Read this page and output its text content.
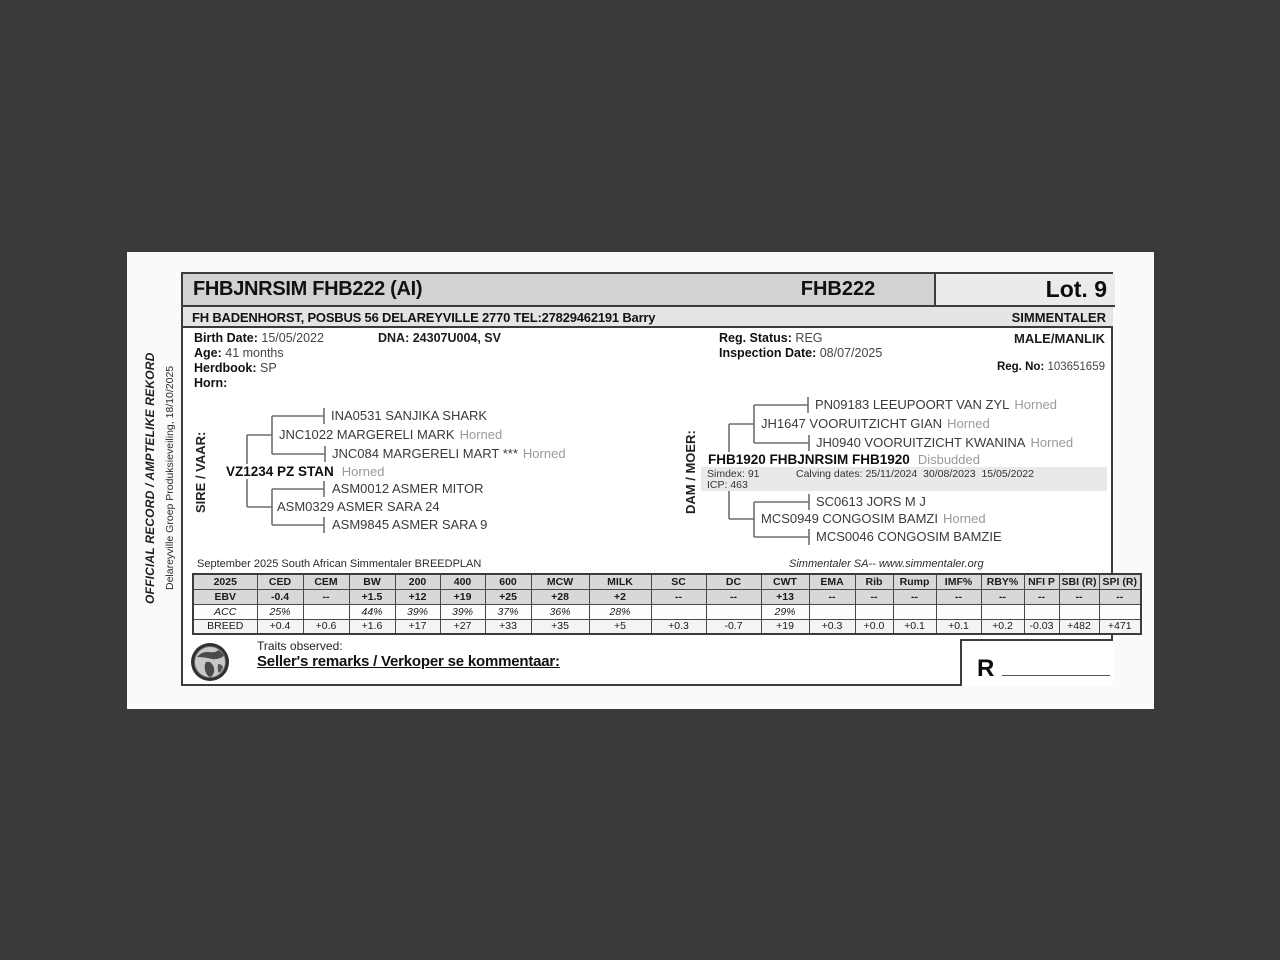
OFFICIAL RECORD / AMPTELIKE REKORD Delareyville Groep Produksieveiling, 18/10/2025
FHBJNRSIM FHB222 (AI)	FHB222	Lot. 9
FH BADENHORST, POSBUS 56 DELAREYVILLE 2770 TEL:27829462191 Barry	SIMMENTALER
Birth Date: 15/05/2022	DNA: 24307U004, SV
Age: 41 months
Herdbook: SP
Horn:
Reg. Status: REG
Inspection Date: 08/07/2025
MALE/MANLIK
Reg. No: 103651659
SIRE / VAAR:
INA0531 SANJIKA SHARK
JNC1022 MARGERELI MARK Horned
JNC084 MARGERELI MART *** Horned
VZ1234 PZ STAN Horned
ASM0012 ASMER MITOR
ASM0329 ASMER SARA 24
ASM9845 ASMER SARA 9
DAM / MOER:
PN09183 LEEUPOORT VAN ZYL Horned
JH1647 VOORUITZICHT GIAN Horned
JH0940 VOORUITZICHT KWANINA Horned
FHB1920 FHBJNRSIM FHB1920 Disbudded
Simdex: 91	Calving dates: 25/11/2024  30/08/2023  15/05/2022
ICP: 463
SC0613 JORS M J
MCS0949 CONGOSIM BAMZI Horned
MCS0046 CONGOSIM BAMZIE
September 2025 South African Simmentaler BREEDPLAN	Simmentaler SA-- www.simmentaler.org
2025	CED	CEM	BW	200	400	600	MCW	MILK	SC	DC	CWT	EMA	Rib	Rump	IMF%	RBY%	NFI P	SBI (R)	SPI (R)
EBV	-0.4	--	+1.5	+12	+19	+25	+28	+2	--	--	+13	--	--	--	--	--	--	--	--
ACC	25%		44%	39%	39%	37%	36%	28%			29%								
BREED	+0.4	+0.6	+1.6	+17	+27	+33	+35	+5	+0.3	-0.7	+19	+0.3	+0.0	+0.1	+0.1	+0.2	-0.03	+482	+471
Traits observed:
Seller's remarks / Verkoper se kommentaar:	R
